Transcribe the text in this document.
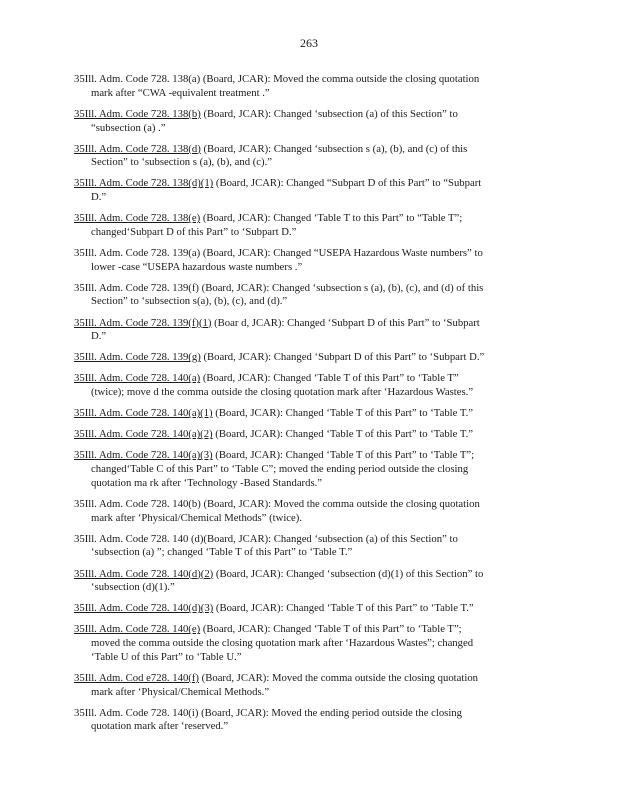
263
35Ill. Adm. Code 728. 138(a) (Board, JCAR): Moved the comma outside the closing quotation
mark after “CWA -equivalent treatment .”
35Ill. Adm. Code 728. 138(b) (Board, JCAR): Changed ‘subsection (a) of this Section” to
“subsection (a) .”
35Ill. Adm. Code 728. 138(d) (Board, JCAR): Changed ‘subsection s (a), (b), and (c) of this
Section” to ‘subsection s (a), (b), and (c).”
35Ill. Adm. Code 728. 138(d)(1) (Board, JCAR): Changed “Subpart D of this Part” to “Subpart
D.”
35Ill. Adm. Code 728. 138(e) (Board, JCAR): Changed ‘Table T to this Part” to “Table T”;
changed‘Subpart D of this Part” to ‘Subpart D.”
35Ill. Adm. Code 728. 139(a) (Board, JCAR): Changed “USEPA Hazardous Waste numbers” to
lower -case “USEPA hazardous waste numbers .”
35Ill. Adm. Code 728. 139(f) (Board, JCAR): Changed ‘subsection s (a), (b), (c), and (d) of this
Section” to ‘subsection s(a), (b), (c), and (d).”
35Ill. Adm. Code 728. 139(f)(1) (Boar d, JCAR): Changed ‘Subpart D of this Part” to ‘Subpart
D.”
35Ill. Adm. Code 728. 139(g) (Board, JCAR): Changed ‘Subpart D of this Part” to ‘Subpart D.”
35Ill. Adm. Code 728. 140(a) (Board, JCAR): Changed ‘Table T of this Part” to ‘Table T”
(twice); move d the comma outside the closing quotation mark after ‘Hazardous Wastes.”
35Ill. Adm. Code 728. 140(a)(1) (Board, JCAR): Changed ‘Table T of this Part” to ‘Table T.”
35Ill. Adm. Code 728. 140(a)(2) (Board, JCAR): Changed ‘Table T of this Part” to ‘Table T.”
35Ill. Adm. Code 728. 140(a)(3) (Board, JCAR): Changed ‘Table T of this Part” to ‘Table T”;
changed‘Table C of this Part” to ‘Table C”; moved the ending period outside the closing
quotation ma rk after ‘Technology -Based Standards.”
35Ill. Adm. Code 728. 140(b) (Board, JCAR): Moved the comma outside the closing quotation
mark after ‘Physical/Chemical Methods” (twice).
35Ill. Adm. Code 728. 140 (d)(Board, JCAR): Changed ‘subsection (a) of this Section” to
‘subsection (a) ”; changed ‘Table T of this Part” to ‘Table T.”
35Ill. Adm. Code 728. 140(d)(2) (Board, JCAR): Changed ‘subsection (d)(1) of this Section” to
‘subsection (d)(1).”
35Ill. Adm. Code 728. 140(d)(3) (Board, JCAR): Changed ‘Table T of this Part” to ‘Table T.”
35Ill. Adm. Code 728. 140(e) (Board, JCAR): Changed ‘Table T of this Part” to ‘Table T”;
moved the comma outside the closing quotation mark after ‘Hazardous Wastes”; changed
‘Table U of this Part” to ‘Table U.”
35Ill. Adm. Cod e728. 140(f) (Board, JCAR): Moved the comma outside the closing quotation
mark after ‘Physical/Chemical Methods.”
35Ill. Adm. Code 728. 140(i) (Board, JCAR): Moved the ending period outside the closing
quotation mark after ‘reserved.”
